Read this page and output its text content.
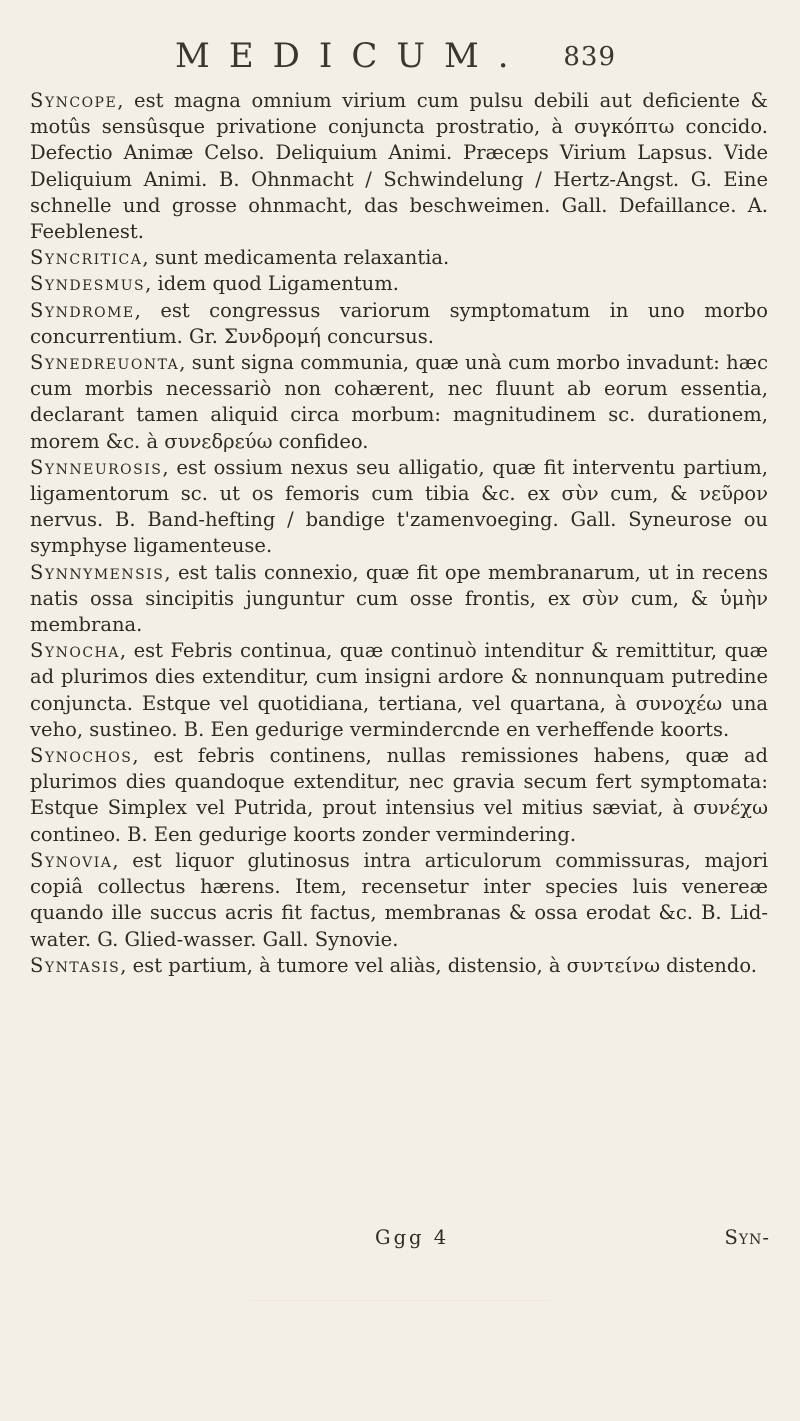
MEDICUM. 839

Syncope, est magna omnium virium cum pulsu debili aut deficiente & motûs sensûsque privatione conjuncta prostratio, à συγκόπτω concido. Defectio Animæ Celso. Deliquium Animi. Præceps Virium Lapsus. Vide Deliquium Animi. B. Ohnmacht / Schwindelung / Hertz-Angst. G. Eine schnelle und grosse ohnmacht, das beschweimen. Gall. Defaillance. A. Feeblenest.

Syncritica, sunt medicamenta relaxantia.

Syndesmus, idem quod Ligamentum.

Syndrome, est congressus variorum symptomatum in uno morbo concurrentium. Gr. Συνδρομή concursus.

Synedreuonta, sunt signa communia, quæ unà cum morbo invadunt: hæc cum morbis necessariò non cohærent, nec fluunt ab eorum essentia, declarant tamen aliquid circa morbum: magnitudinem sc. durationem, morem &c. à συνεδρεύω confideo.

Synneurosis, est ossium nexus seu alligatio, quæ fit interventu partium, ligamentorum sc. ut os femoris cum tibia &c. ex σὺν cum, & νεῦρον nervus. B. Band-hefting / bandige t'zamenvoeging. Gall. Syneurose ou symphyse ligamenteuse.

Synnymensis, est talis connexio, quæ fit ope membranarum, ut in recens natis ossa sincipitis junguntur cum osse frontis, ex σὺν cum, & ὑμὴν membrana.

Synocha, est Febris continua, quæ continuò intenditur & remittitur, quæ ad plurimos dies extenditur, cum insigni ardore & nonnunquam putredine conjuncta. Estque vel quotidiana, tertiana, vel quartana, à συνοχέω una veho, sustineo. B. Een gedurige vermindercnde en verheffende koorts.

Synochos, est febris continens, nullas remissiones habens, quæ ad plurimos dies quandoque extenditur, nec gravia secum fert symptomata: Estque Simplex vel Putrida, prout intensius vel mitius sæviat, à συνέχω contineo. B. Een gedurige koorts zonder vermindering.

Synovia, est liquor glutinosus intra articulorum commissuras, majori copiâ collectus hærens. Item, recensetur inter species luis venereæ quando ille succus acris fit factus, membranas & ossa erodat &c. B. Lid-water. G. Glied-wasser. Gall. Synovie.

Syntasis, est partium, à tumore vel aliàs, distensio, à συντείνω distendo.

Ggg 4	Syn-
